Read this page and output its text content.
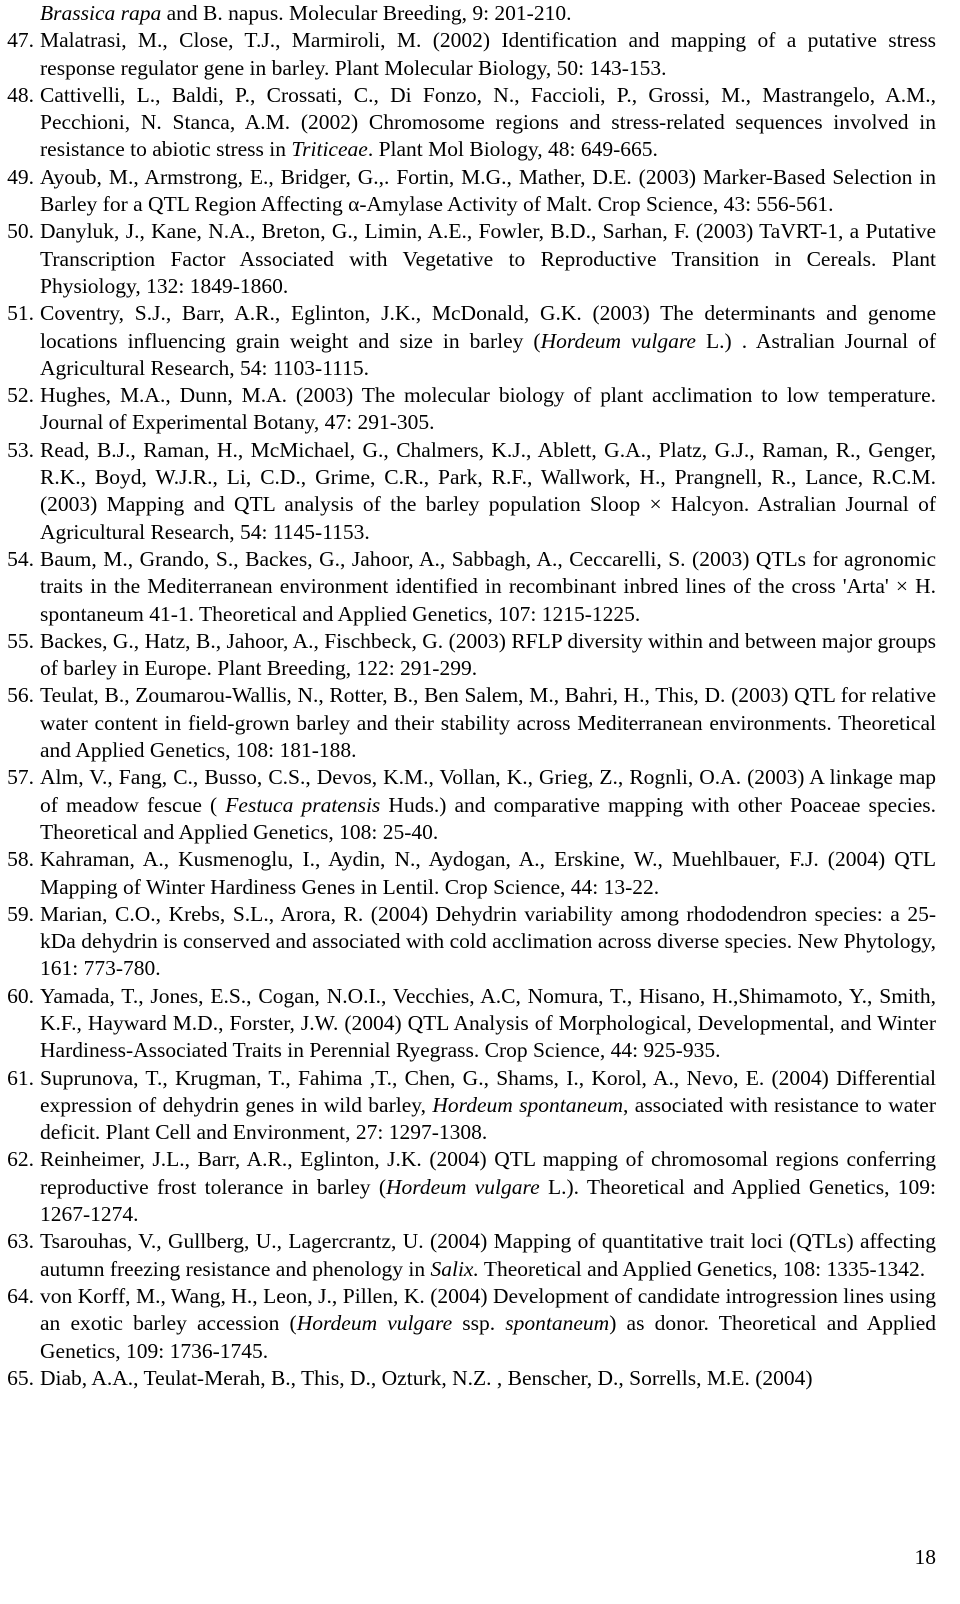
Brassica rapa and B. napus. Molecular Breeding, 9: 201-210.
47. Malatrasi, M., Close, T.J., Marmiroli, M. (2002) Identification and mapping of a putative stress response regulator gene in barley. Plant Molecular Biology, 50: 143-153.
48. Cattivelli, L., Baldi, P., Crossati, C., Di Fonzo, N., Faccioli, P., Grossi, M., Mastrangelo, A.M., Pecchioni, N. Stanca, A.M. (2002) Chromosome regions and stress-related sequences involved in resistance to abiotic stress in Triticeae. Plant Mol Biology, 48: 649-665.
49. Ayoub, M., Armstrong, E., Bridger, G.,. Fortin, M.G., Mather, D.E. (2003) Marker-Based Selection in Barley for a QTL Region Affecting α-Amylase Activity of Malt. Crop Science, 43: 556-561.
50. Danyluk, J., Kane, N.A., Breton, G., Limin, A.E., Fowler, B.D., Sarhan, F. (2003) TaVRT-1, a Putative Transcription Factor Associated with Vegetative to Reproductive Transition in Cereals. Plant Physiology, 132: 1849-1860.
51. Coventry, S.J., Barr, A.R., Eglinton, J.K., McDonald, G.K. (2003) The determinants and genome locations influencing grain weight and size in barley (Hordeum vulgare L.) . Astralian Journal of Agricultural Research, 54: 1103-1115.
52. Hughes, M.A., Dunn, M.A. (2003) The molecular biology of plant acclimation to low temperature. Journal of Experimental Botany, 47: 291-305.
53. Read, B.J., Raman, H., McMichael, G., Chalmers, K.J., Ablett, G.A., Platz, G.J., Raman, R., Genger, R.K., Boyd, W.J.R., Li, C.D., Grime, C.R., Park, R.F., Wallwork, H., Prangnell, R., Lance, R.C.M. (2003) Mapping and QTL analysis of the barley population Sloop × Halcyon. Astralian Journal of Agricultural Research, 54: 1145-1153.
54. Baum, M., Grando, S., Backes, G., Jahoor, A., Sabbagh, A., Ceccarelli, S. (2003) QTLs for agronomic traits in the Mediterranean environment identified in recombinant inbred lines of the cross 'Arta' × H. spontaneum 41-1. Theoretical and Applied Genetics, 107: 1215-1225.
55. Backes, G., Hatz, B., Jahoor, A., Fischbeck, G. (2003) RFLP diversity within and between major groups of barley in Europe. Plant Breeding, 122: 291-299.
56. Teulat, B., Zoumarou-Wallis, N., Rotter, B., Ben Salem, M., Bahri, H., This, D. (2003) QTL for relative water content in field-grown barley and their stability across Mediterranean environments. Theoretical and Applied Genetics, 108: 181-188.
57. Alm, V., Fang, C., Busso, C.S., Devos, K.M., Vollan, K., Grieg, Z., Rognli, O.A. (2003) A linkage map of meadow fescue ( Festuca pratensis Huds.) and comparative mapping with other Poaceae species. Theoretical and Applied Genetics, 108: 25-40.
58. Kahraman, A., Kusmenoglu, I., Aydin, N., Aydogan, A., Erskine, W., Muehlbauer, F.J. (2004) QTL Mapping of Winter Hardiness Genes in Lentil. Crop Science, 44: 13-22.
59. Marian, C.O., Krebs, S.L., Arora, R. (2004) Dehydrin variability among rhododendron species: a 25-kDa dehydrin is conserved and associated with cold acclimation across diverse species. New Phytology, 161: 773-780.
60. Yamada, T., Jones, E.S., Cogan, N.O.I., Vecchies, A.C, Nomura, T., Hisano, H.,Shimamoto, Y., Smith, K.F., Hayward M.D., Forster, J.W. (2004) QTL Analysis of Morphological, Developmental, and Winter Hardiness-Associated Traits in Perennial Ryegrass. Crop Science, 44: 925-935.
61. Suprunova, T., Krugman, T., Fahima ,T., Chen, G., Shams, I., Korol, A., Nevo, E. (2004) Differential expression of dehydrin genes in wild barley, Hordeum spontaneum, associated with resistance to water deficit. Plant Cell and Environment, 27: 1297-1308.
62. Reinheimer, J.L., Barr, A.R., Eglinton, J.K. (2004) QTL mapping of chromosomal regions conferring reproductive frost tolerance in barley (Hordeum vulgare L.). Theoretical and Applied Genetics, 109: 1267-1274.
63. Tsarouhas, V., Gullberg, U., Lagercrantz, U. (2004) Mapping of quantitative trait loci (QTLs) affecting autumn freezing resistance and phenology in Salix. Theoretical and Applied Genetics, 108: 1335-1342.
64. von Korff, M., Wang, H., Leon, J., Pillen, K. (2004) Development of candidate introgression lines using an exotic barley accession (Hordeum vulgare ssp. spontaneum) as donor. Theoretical and Applied Genetics, 109: 1736-1745.
65. Diab, A.A., Teulat-Merah, B., This, D., Ozturk, N.Z. , Benscher, D., Sorrells, M.E. (2004)
18
